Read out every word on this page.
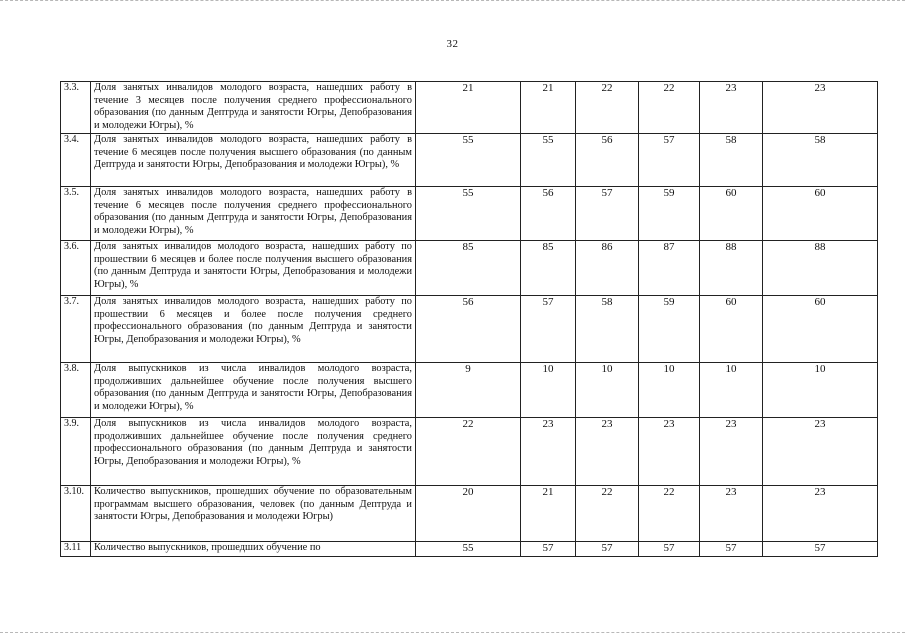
32
3.3.	Доля занятых инвалидов молодого возраста, нашедших работу в течение 3 месяцев после получения среднего профессионального образования (по данным Дептруда и занятости Югры, Депобразования и молодежи Югры), %	21	21	22	22	23	23
3.4.	Доля занятых инвалидов молодого возраста, нашедших работу в течение 6 месяцев после получения высшего образования (по данным Дептруда и занятости Югры, Депобразования и молодежи Югры), %	55	55	56	57	58	58
3.5.	Доля занятых инвалидов молодого возраста, нашедших работу в течение 6 месяцев после получения среднего профессионального образования (по данным Дептруда и занятости Югры, Депобразования и молодежи Югры), %	55	56	57	59	60	60
3.6.	Доля занятых инвалидов молодого возраста, нашедших работу по прошествии 6 месяцев и более после получения высшего образования (по данным Дептруда и занятости Югры, Депобразования и молодежи Югры), %	85	85	86	87	88	88
3.7.	Доля занятых инвалидов молодого возраста, нашедших работу по прошествии 6 месяцев и более после получения среднего профессионального образования (по данным Дептруда и занятости Югры, Депобразования и молодежи Югры), %	56	57	58	59	60	60
3.8.	Доля выпускников из числа инвалидов молодого возраста, продолживших дальнейшее обучение после получения высшего образования (по данным Дептруда и занятости Югры, Депобразования и молодежи Югры), %	9	10	10	10	10	10
3.9.	Доля выпускников из числа инвалидов молодого возраста, продолживших дальнейшее обучение после получения среднего профессионального образования (по данным Дептруда и занятости Югры, Депобразования и молодежи Югры), %	22	23	23	23	23	23
3.10.	Количество выпускников, прошедших обучение по образовательным программам высшего образования, человек (по данным Дептруда и занятости Югры, Депобразования и молодежи Югры)	20	21	22	22	23	23
3.11	Количество выпускников, прошедших обучение по	55	57	57	57	57	57
